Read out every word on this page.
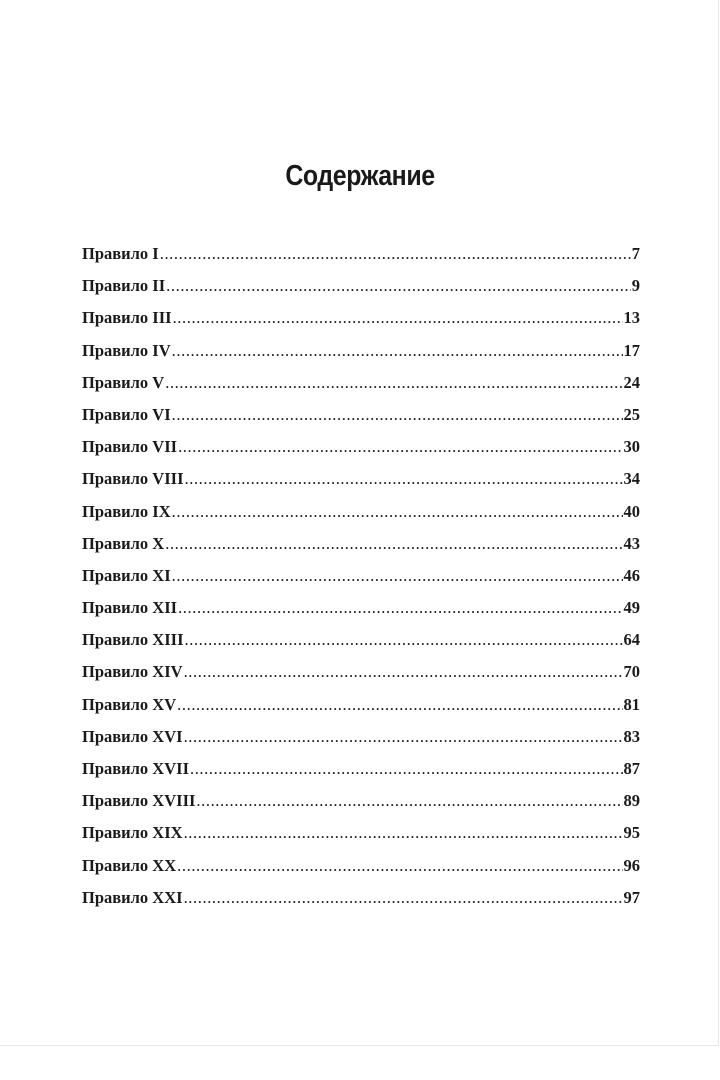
Содержание
Правило I .....	7
Правило II .....	9
Правило III .....	13
Правило IV .....	17
Правило V .....	24
Правило VI .....	25
Правило VII .....	30
Правило VIII .....	34
Правило IX .....	40
Правило X .....	43
Правило XI .....	46
Правило XII .....	49
Правило XIII .....	64
Правило XIV .....	70
Правило XV .....	81
Правило XVI .....	83
Правило XVII .....	87
Правило XVIII .....	89
Правило XIX .....	95
Правило XX .....	96
Правило XXI .....	97
